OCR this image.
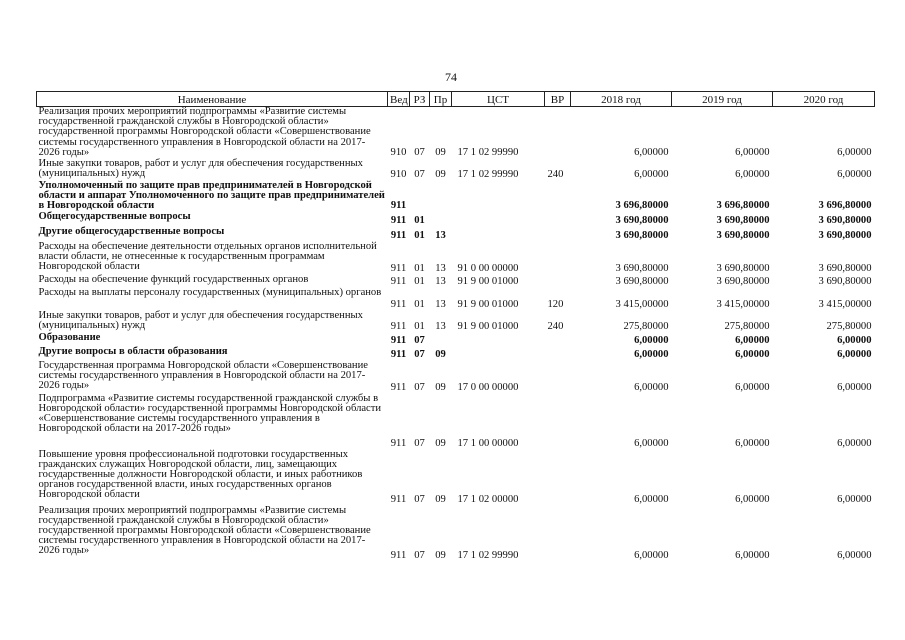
74
Наименование	Вед	РЗ	Пр	ЦСТ	ВР	2018 год	2019 год	2020 год
Реализация прочих мероприятий подпрограммы «Развитие системы государственной гражданской службы в Новгородской области» государственной программы Новгородской области «Совершенствование системы государственного управления в Новгородской области на 2017-2026 годы»	910	07	09	17 1 02 99990		6,00000	6,00000	6,00000
Иные закупки товаров, работ и услуг для обеспечения государственных (муниципальных) нужд	910	07	09	17 1 02 99990	240	6,00000	6,00000	6,00000
Уполномоченный по защите прав предпринимателей в Новгородской области и аппарат Уполномоченного по защите прав предпринимателей в Новгородской области	911					3 696,80000	3 696,80000	3 696,80000
Общегосударственные вопросы	911	01				3 690,80000	3 690,80000	3 690,80000
Другие общегосударственные вопросы	911	01	13			3 690,80000	3 690,80000	3 690,80000
Расходы на обеспечение деятельности отдельных органов исполнительной власти области, не отнесенные к государственным программам Новгородской области	911	01	13	91 0 00 00000		3 690,80000	3 690,80000	3 690,80000
Расходы на обеспечение функций государственных органов	911	01	13	91 9 00 01000		3 690,80000	3 690,80000	3 690,80000
Расходы на выплаты персоналу государственных (муниципальных) органов	911	01	13	91 9 00 01000	120	3 415,00000	3 415,00000	3 415,00000
Иные закупки товаров, работ и услуг для обеспечения государственных (муниципальных) нужд	911	01	13	91 9 00 01000	240	275,80000	275,80000	275,80000
Образование	911	07				6,00000	6,00000	6,00000
Другие вопросы в области образования	911	07	09			6,00000	6,00000	6,00000
Государственная программа Новгородской области «Совершенствование системы государственного управления в Новгородской области на 2017-2026 годы»	911	07	09	17 0 00 00000		6,00000	6,00000	6,00000
Подпрограмма «Развитие системы государственной гражданской службы в Новгородской области» государственной программы Новгородской области «Совершенствование системы государственного управления в Новгородской области на 2017-2026 годы»	911	07	09	17 1 00 00000		6,00000	6,00000	6,00000
Повышение уровня профессиональной подготовки государственных гражданских служащих Новгородской области, лиц, замещающих государственные должности Новгородской области, и иных работников органов государственной власти, иных государственных органов Новгородской области	911	07	09	17 1 02 00000		6,00000	6,00000	6,00000
Реализация прочих мероприятий подпрограммы «Развитие системы государственной гражданской службы в Новгородской области» государственной программы Новгородской области «Совершенствование системы государственного управления в Новгородской области на 2017-2026 годы»	911	07	09	17 1 02 99990		6,00000	6,00000	6,00000
